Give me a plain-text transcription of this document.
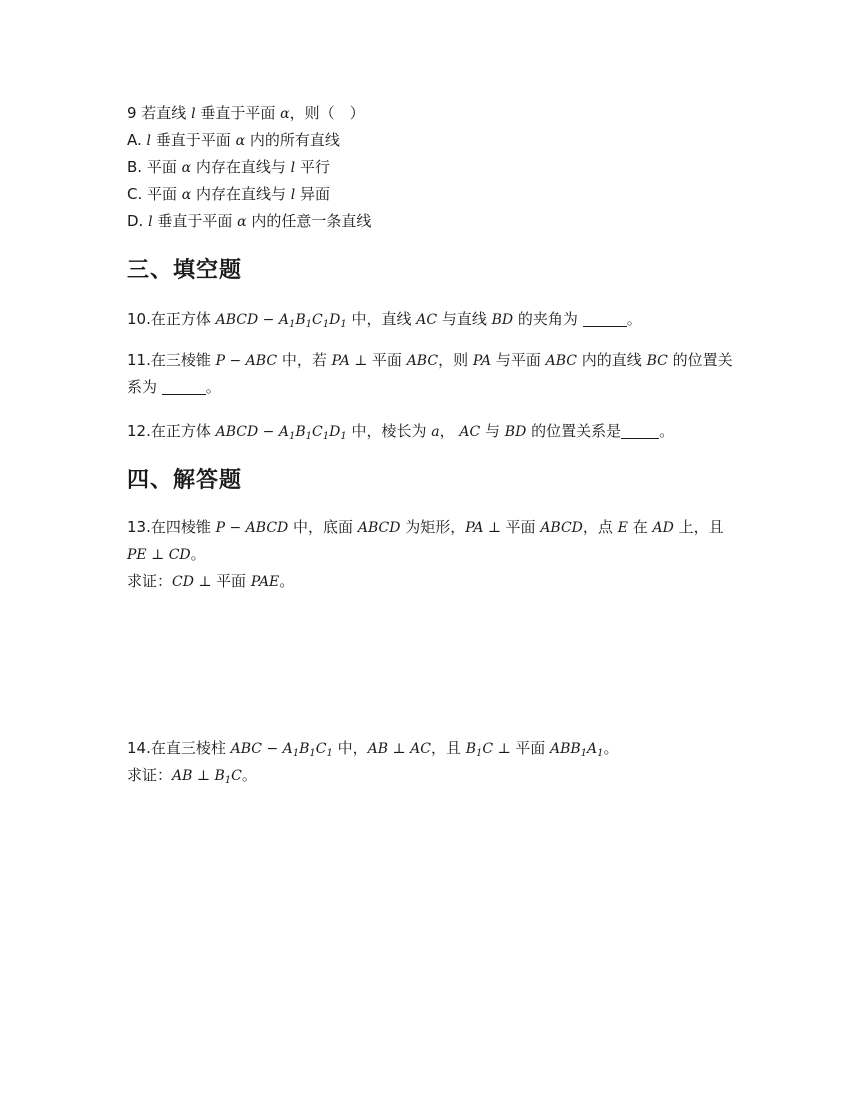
9 若直线 l 垂直于平面 α，则（　）
A. l 垂直于平面 α 内的所有直线
B. 平面 α 内存在直线与 l 平行
C. 平面 α 内存在直线与 l 异面
D. l 垂直于平面 α 内的任意一条直线
三、填空题
10.在正方体 ABCD − $A_1B_1C_1D_1$ 中，直线 AC 与直线 BD 的夹角为	。
11.在三棱锥 P − ABC 中，若 PA ⊥ 平面 ABC，则 PA 与平面 ABC 内的直线 BC 的位置关
系为	。
12.在正方体 ABCD − $A_1B_1C_1D_1$ 中，棱长为 a， AC 与 BD 的位置关系是	。
四、解答题
13.在四棱锥 P − ABCD 中，底面 ABCD 为矩形，PA ⊥ 平面 ABCD，点 E 在 AD 上，且
PE ⊥ CD。
求证：CD ⊥ 平面 PAE。
14.在直三棱柱 ABC − $A_1B_1C_1$ 中，AB ⊥ AC，且 $B_1C$ ⊥ 平面 $ABB_1A_1$。
求证：AB ⊥ $B_1C$。
